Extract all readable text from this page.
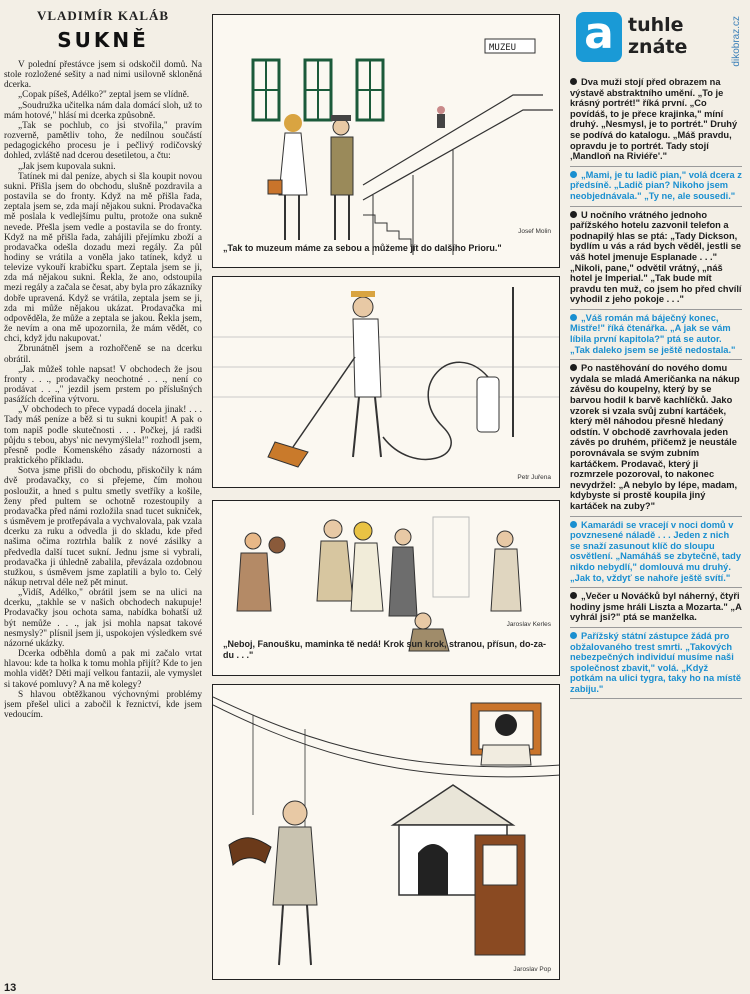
VLADIMÍR KALÁB
SUKNĚ

V polední přestávce jsem si odskočil domů. Na stole rozložené sešity a nad nimi usilovně skloněná dcerka.

„Copak píšeš, Adélko?" zeptal jsem se vlídně.

„Soudružka učitelka nám dala domácí sloh, už to mám hotové," hlásí mi dcerka způsobně.

„Tak se pochlub, co jsi stvořila," pravím rozverně, pamětliv toho, že nedílnou součástí pedagogického procesu je i pečlivý rodičovský dohled, zvláště nad dcerou desetiletou, a čtu:

„Jak jsem kupovala sukni.

Tatínek mi dal peníze, abych si šla koupit novou sukni. Přišla jsem do obchodu, slušně pozdravila a postavila se do fronty. Když na mě přišla řada, zeptala jsem se, zda mají nějakou sukni. Prodavačka mě poslala k vedlejšímu pultu, protože ona sukně nevede. Přešla jsem vedle a postavila se do fronty. Když na mě přišla řada, zahájili přejímku zboží a prodavačka odešla dozadu mezi regály. Za půl hodiny se vrátila a voněla jako tatínek, když u televize vykouří krabičku spart. Zeptala jsem se ji, zda má nějakou sukni. Řekla, že ano, odstoupila mezi regály a začala se česat, aby byla pro zákazníky dobře upravená. Když se vrátila, zeptala jsem se ji, zda mi může nějakou ukázat. Prodavačka mi odpověděla, že může a zeptala se jakou. Řekla jsem, že nevím a ona mě upozornila, že mám vědět, co chci, když jdu nakupovat.'

Zbrunátněl jsem a rozhořčeně se na dcerku obrátil.

„Jak můžeš tohle napsat! V obchodech že jsou fronty . . ., prodavačky neochotné . . ., není co prodávat . . .," jezdil jsem prstem po příslušných pasážích dceřina výtvoru.

„V obchodech to přece vypadá docela jinak! . . . Tady máš peníze a běž si tu sukni koupit! A pak o tom napiš podle skutečnosti . . . Počkej, já radši půjdu s tebou, abys' nic nevymýšlela!" rozhodl jsem, přesně podle Komenského zásady názornosti a praktického příkladu.

Sotva jsme přišli do obchodu, přiskočily k nám dvě prodavačky, co si přejeme, čím mohou posloužit, a hned s pultu smetly svetříky a košile, ženy před pultem se ochotně rozestoupily a prodavačka před námi rozložila snad tucet sukniček, s úsměvem je protřepávala a vychvalovala, pak vzala dcerku za ruku a odvedla ji do skladu, kde před našima očima roztrhla balík z nové zásilky a předvedla další tucet sukní. Jednu jsme si vybrali, prodavačka ji úhledně zabalila, převázala ozdobnou stužkou, s úsměvem jsme zaplatili a bylo to. Celý nákup netrval déle než pět minut.

„Vidíš, Adélko," obrátil jsem se na ulici na dcerku, „takhle se v našich obchodech nakupuje! Prodavačky jsou ochota sama, nabídka bohatší už být nemůže . . ., jak jsi mohla napsat takové nesmysly?" plísnil jsem ji, uspokojen výsledkem své názorné ukázky.

Dcerka odběhla domů a pak mi začalo vrtat hlavou: kde ta holka k tomu mohla přijít? Kde to jen mohla vidět? Děti mají velkou fantazii, ale vymyslet si takové pomluvy? A na mě kolegy?

S hlavou obtěžkanou výchovnými problémy jsem přešel ulici a zabočil k řeznictví, kde jsem vedoucím.

13
MUZEU
Josef Molin
„Tak to muzeum máme za sebou a můžeme jít do dalšího Prioru."
Petr Juřena
Jaroslav Kerles
„Neboj, Fanoušku, maminka tě nedá! Krok sun krok, stranou, přísun, do-za-du . . ."
Jaroslav Pop
a tuhle
znáte	dikobraz.cz

Dva muži stojí před obrazem na výstavě abstraktního umění. „To je krásný portrét!" říká první. „Co povídáš, to je přece krajinka," míní druhý. „Nesmysl, je to portrét." Druhý se podívá do katalogu. „Máš pravdu, opravdu je to portrét. Tady stojí ‚Mandloň na Riviéře'."

„Mami, je tu ladič pian," volá dcera z předsíně. „Ladič pian? Nikoho jsem neobjednávala." „Ty ne, ale sousedi."

U nočního vrátného jednoho pařížského hotelu zazvonil telefon a podnapilý hlas se ptá: „Tady Dickson, bydlím u vás a rád bych věděl, jestli se váš hotel jmenuje Esplanade . . ." „Nikoli, pane," odvětil vrátný, „náš hotel je Imperial." „Tak bude mít pravdu ten muž, co jsem ho před chvílí vyhodil z jeho pokoje . . ."

„Váš román má báječný konec, Mistře!" říká čtenářka. „A jak se vám líbila první kapitola?" ptá se autor. „Tak daleko jsem se ještě nedostala."

Po nastěhování do nového domu vydala se mladá Američanka na nákup závěsu do koupelny, který by se barvou hodil k barvě kachlíčků. Jako vzorek si vzala svůj zubní kartáček, který měl náhodou přesně hledaný odstín. V obchodě zavrhovala jeden závěs po druhém, přičemž je neustále porovnávala se svým zubním kartáčkem. Prodavač, který ji rozmrzele pozoroval, to nakonec nevydržel: „A nebylo by lépe, madam, kdybyste si prostě koupila jiný kartáček na zuby?"

Kamarádi se vracejí v noci domů v povznesené náladě . . . Jeden z nich se snaží zasunout klíč do sloupu osvětlení. „Namáháš se zbytečně, tady nikdo nebydlí," domlouvá mu druhý. „Jak to, vždyť se nahoře ještě svítí."

„Večer u Nováčků byl náherný, čtyři hodiny jsme hráli Liszta a Mozarta." „A vyhrál jsi?" ptá se manželka.

Pařížský státní zástupce žádá pro obžalovaného trest smrti. „Takových nebezpečných individuí musíme naši společnost zbavit," volá. „Když potkám na ulici tygra, taky ho na místě zabiju."
